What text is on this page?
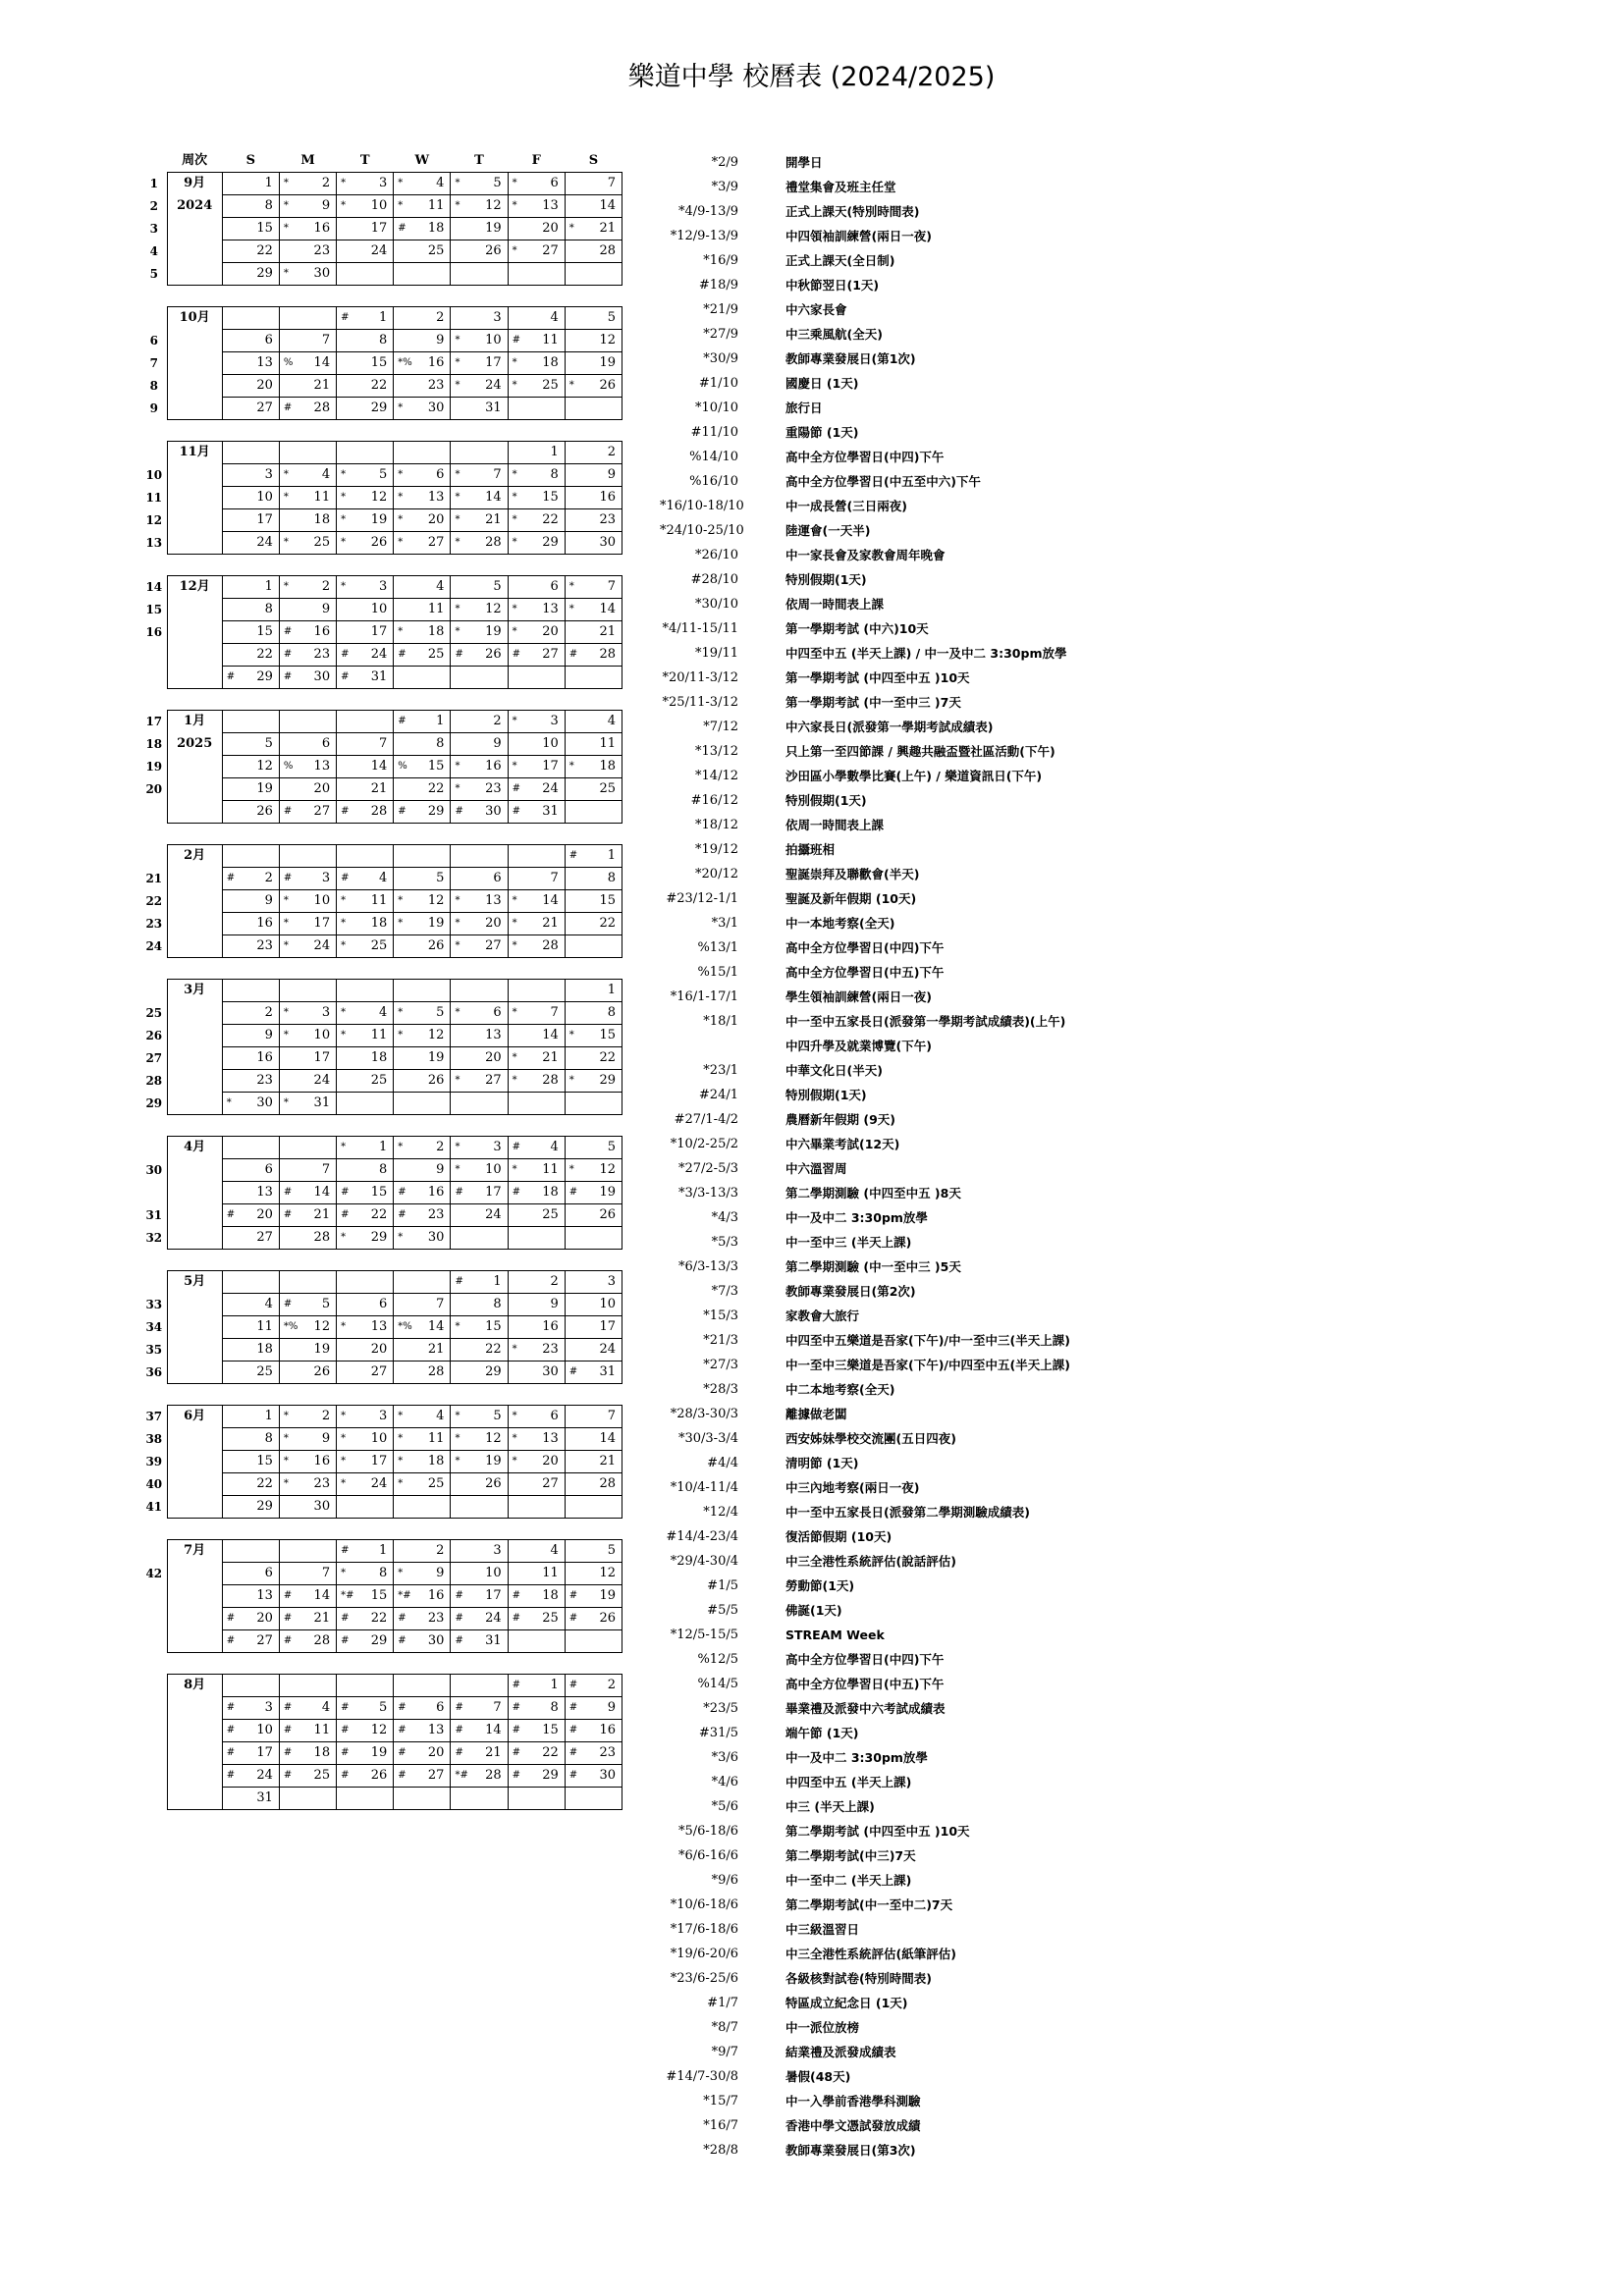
樂道中學 校曆表 (2024/2025)
	周次	S	M	T	W	T	F	S
1	9月	1	* 2	* 3	* 4	* 5	* 6	7

2	2024	8	* 9	* 10	* 11	* 12	* 13	14

3		15	* 16	17	# 18	19	20	* 21

4		22	23	24	25	26	* 27	28

5		29	* 30					

	10月			# 1	2	3	4	5

6		6	7	8	9	* 10	# 11	12

7		13	% 14	15	*% 16	* 17	* 18	19

8		20	21	22	23	* 24	* 25	* 26

9		27	# 28	29	* 30	31		

	11月						1	2

10		3	* 4	* 5	* 6	* 7	* 8	9

11		10	* 11	* 12	* 13	* 14	* 15	16

12		17	18	* 19	* 20	* 21	* 22	23

13		24	* 25	* 26	* 27	* 28	* 29	30

14	12月	1	* 2	* 3	4	5	6	* 7

15		8	9	10	11	* 12	* 13	* 14

16		15	# 16	17	* 18	* 19	* 20	21

		22	# 23	# 24	# 25	# 26	# 27	# 28

		# 29	# 30	# 31				

17	1月				# 1	2	* 3	4

18	2025	5	6	7	8	9	10	11

19		12	% 13	14	% 15	* 16	* 17	* 18

20		19	20	21	22	* 23	# 24	25

		26	# 27	# 28	# 29	# 30	# 31	

	2月							# 1

21		# 2	# 3	# 4	5	6	7	8

22		9	* 10	* 11	* 12	* 13	* 14	15

23		16	* 17	* 18	* 19	* 20	* 21	22

24		23	* 24	* 25	26	* 27	* 28	

	3月							1

25		2	* 3	* 4	* 5	* 6	* 7	8

26		9	* 10	* 11	* 12	13	14	* 15

27		16	17	18	19	20	* 21	22

28		23	24	25	26	* 27	* 28	* 29

29		* 30	* 31					

	4月			* 1	* 2	* 3	# 4	5

30		6	7	8	9	* 10	* 11	* 12

		13	# 14	# 15	# 16	# 17	# 18	# 19

31		# 20	# 21	# 22	# 23	24	25	26

32		27	28	* 29	* 30			

	5月					# 1	2	3

33		4	# 5	6	7	8	9	10

34		11	*% 12	* 13	*% 14	* 15	16	17

35		18	19	20	21	22	* 23	24

36		25	26	27	28	29	30	# 31

37	6月	1	* 2	* 3	* 4	* 5	* 6	7

38		8	* 9	* 10	* 11	* 12	* 13	14

39		15	* 16	* 17	* 18	* 19	* 20	21

40		22	* 23	* 24	* 25	26	27	28

41		29	30					

	7月			# 1	2	3	4	5

42		6	7	* 8	* 9	10	11	12

		13	# 14	*# 15	*# 16	# 17	# 18	# 19

		# 20	# 21	# 22	# 23	# 24	# 25	# 26

		# 27	# 28	# 29	# 30	# 31		

	8月						# 1	# 2

		# 3	# 4	# 5	# 6	# 7	# 8	# 9

		# 10	# 11	# 12	# 13	# 14	# 15	# 16

		# 17	# 18	# 19	# 20	# 21	# 22	# 23

		# 24	# 25	# 26	# 27	*# 28	# 29	# 30

		31						

*2/9	開學日
*3/9	禮堂集會及班主任堂
*4/9-13/9	正式上課天(特別時間表)
*12/9-13/9	中四領袖訓練營(兩日一夜)
*16/9	正式上課天(全日制)
#18/9	中秋節翌日(1天)
*21/9	中六家長會
*27/9	中三乘風航(全天)
*30/9	教師專業發展日(第1次)
#1/10	國慶日 (1天)
*10/10	旅行日
#11/10	重陽節 (1天)
%14/10	高中全方位學習日(中四)下午
%16/10	高中全方位學習日(中五至中六)下午
*16/10-18/10	中一成長營(三日兩夜)
*24/10-25/10	陸運會(一天半)
*26/10	中一家長會及家教會周年晚會
#28/10	特別假期(1天)
*30/10	依周一時間表上課
*4/11-15/11	第一學期考試 (中六)10天
*19/11	中四至中五 (半天上課) / 中一及中二 3:30pm放學
*20/11-3/12	第一學期考試 (中四至中五 )10天
*25/11-3/12	第一學期考試 (中一至中三 )7天
*7/12	中六家長日(派發第一學期考試成績表)
*13/12	只上第一至四節課 / 興趣共融盃暨社區活動(下午)
*14/12	沙田區小學數學比賽(上午) / 樂道資訊日(下午)
#16/12	特別假期(1天)
*18/12	依周一時間表上課
*19/12	拍攝班相
*20/12	聖誕崇拜及聯歡會(半天)
#23/12-1/1	聖誕及新年假期 (10天)
*3/1	中一本地考察(全天)
%13/1	高中全方位學習日(中四)下午
%15/1	高中全方位學習日(中五)下午
*16/1-17/1	學生領袖訓練營(兩日一夜)
*18/1	中一至中五家長日(派發第一學期考試成績表)(上午)
中四升學及就業博覽(下午)
*23/1	中華文化日(半天)
#24/1	特別假期(1天)
#27/1-4/2	農曆新年假期 (9天)
*10/2-25/2	中六畢業考試(12天)
*27/2-5/3	中六溫習周
*3/3-13/3	第二學期測驗 (中四至中五 )8天
*4/3	中一及中二 3:30pm放學
*5/3	中一至中三 (半天上課)
*6/3-13/3	第二學期測驗 (中一至中三 )5天
*7/3	教師專業發展日(第2次)
*15/3	家教會大旅行
*21/3	中四至中五樂道是吾家(下午)/中一至中三(半天上課)
*27/3	中一至中三樂道是吾家(下午)/中四至中五(半天上課)
*28/3	中二本地考察(全天)
*28/3-30/3	離據做老闆
*30/3-3/4	西安姊妹學校交流團(五日四夜)
#4/4	清明節 (1天)
*10/4-11/4	中三內地考察(兩日一夜)
*12/4	中一至中五家長日(派發第二學期測驗成績表)
#14/4-23/4	復活節假期 (10天)
*29/4-30/4	中三全港性系統評估(說話評估)
#1/5	勞動節(1天)
#5/5	佛誕(1天)
*12/5-15/5	STREAM Week
%12/5	高中全方位學習日(中四)下午
%14/5	高中全方位學習日(中五)下午
*23/5	畢業禮及派發中六考試成績表
#31/5	端午節 (1天)
*3/6	中一及中二 3:30pm放學
*4/6	中四至中五 (半天上課)
*5/6	中三 (半天上課)
*5/6-18/6	第二學期考試 (中四至中五 )10天
*6/6-16/6	第二學期考試(中三)7天
*9/6	中一至中二 (半天上課)
*10/6-18/6	第二學期考試(中一至中二)7天
*17/6-18/6	中三級溫習日
*19/6-20/6	中三全港性系統評估(紙筆評估)
*23/6-25/6	各級核對試卷(特別時間表)
#1/7	特區成立紀念日 (1天)
*8/7	中一派位放榜
*9/7	結業禮及派發成績表
#14/7-30/8	暑假(48天)
*15/7	中一入學前香港學科測驗
*16/7	香港中學文憑試發放成績
*28/8	教師專業發展日(第3次)
